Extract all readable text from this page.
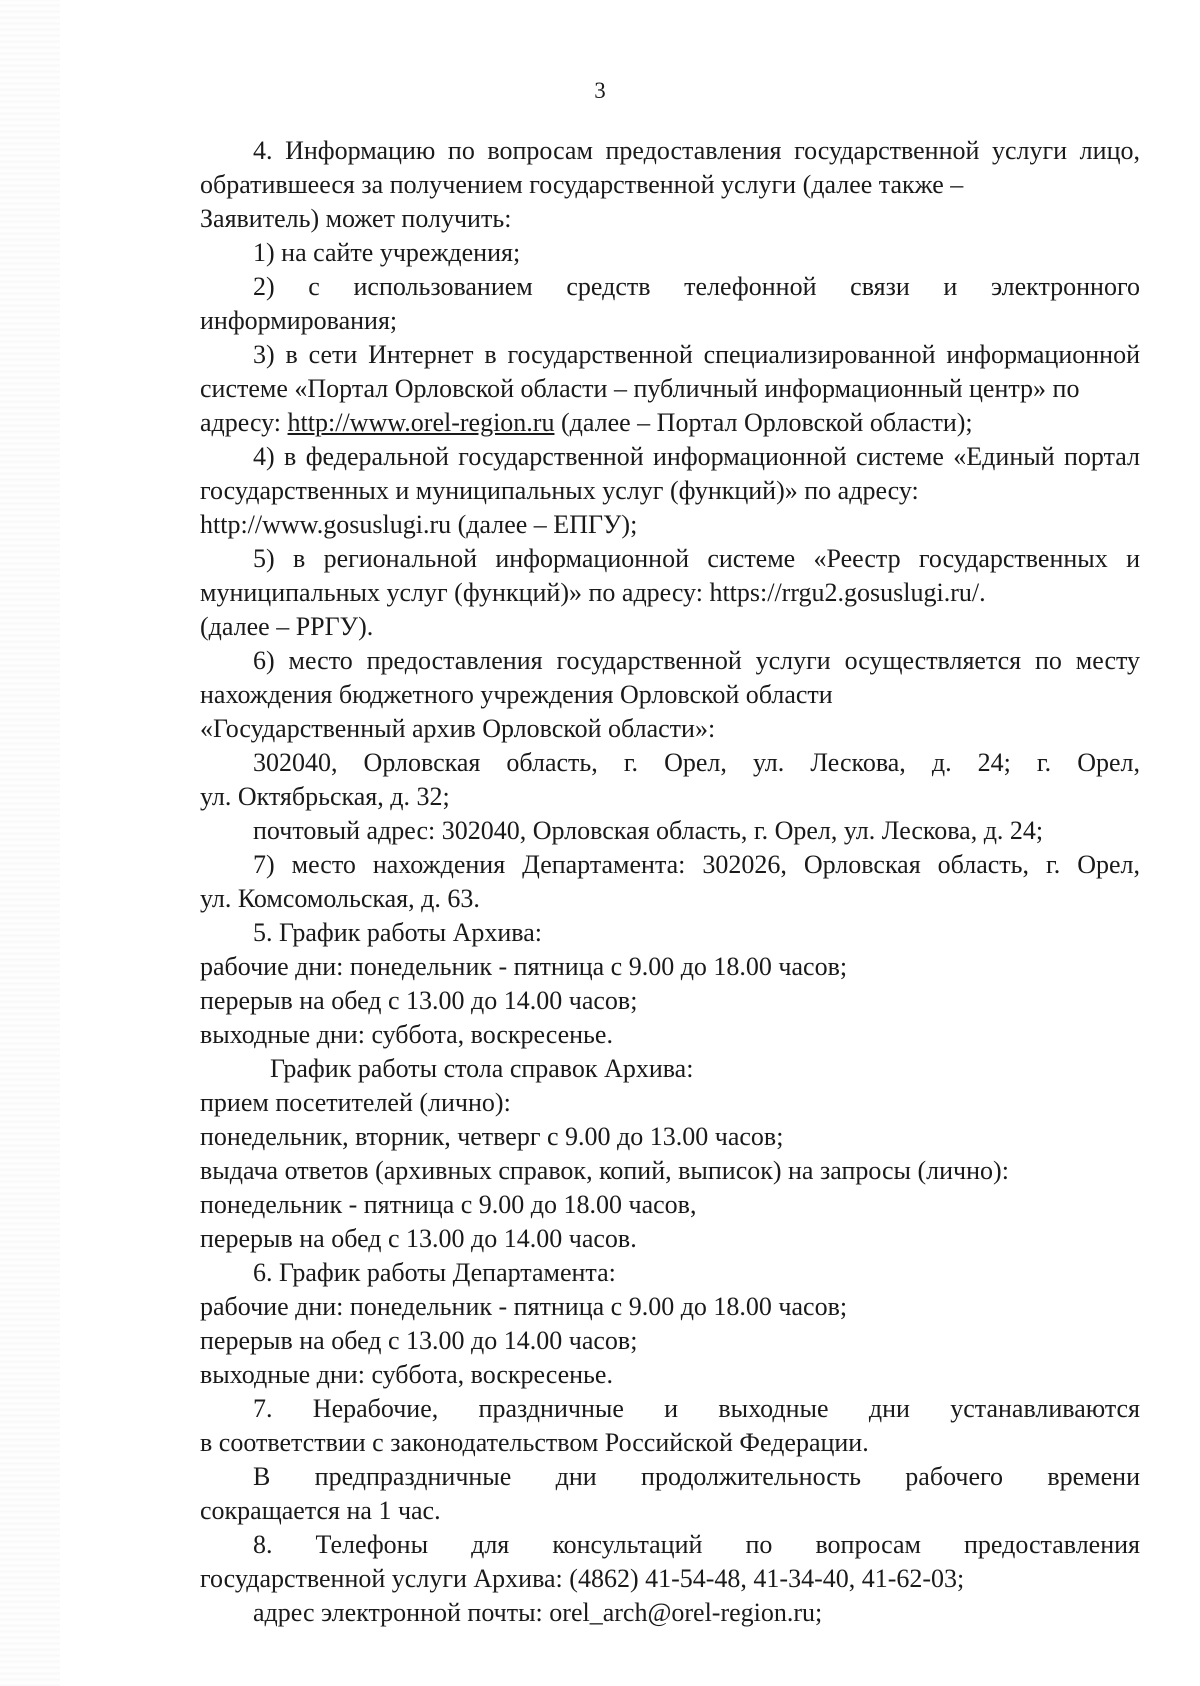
3

4. Информацию по вопросам предоставления государственной услуги лицо, обратившееся за получением государственной услуги (далее также –

Заявитель) может получить:

1) на сайте учреждения;

2) с использованием средств телефонной связи и электронного

информирования;

3) в сети Интернет в государственной специализированной информационной системе «Портал Орловской области – публичный информационный центр» по

адресу: http://www.orel-region.ru (далее – Портал Орловской области);

4) в федеральной государственной информационной системе «Единый портал государственных и муниципальных услуг (функций)» по адресу:

http://www.gosuslugi.ru (далее – ЕПГУ);

5) в региональной информационной системе «Реестр государственных и муниципальных услуг (функций)» по адресу: https://rrgu2.gosuslugi.ru/.

(далее – РРГУ).

6) место предоставления государственной услуги осуществляется по месту нахождения бюджетного учреждения Орловской области

«Государственный архив Орловской области»:

302040, Орловская область, г. Орел, ул. Лескова, д. 24; г. Орел,

ул. Октябрьская, д. 32;

почтовый адрес: 302040, Орловская область, г. Орел, ул. Лескова, д. 24;

7) место нахождения Департамента: 302026, Орловская область, г. Орел,

ул. Комсомольская, д. 63.

5. График работы Архива:

рабочие дни: понедельник - пятница с 9.00 до 18.00 часов;

перерыв на обед с 13.00 до 14.00 часов;

выходные дни: суббота, воскресенье.

График работы стола справок Архива:

прием посетителей (лично):

понедельник, вторник, четверг с 9.00 до 13.00 часов;

выдача ответов (архивных справок, копий, выписок) на запросы (лично):

понедельник - пятница с 9.00 до 18.00 часов,

перерыв на обед с 13.00 до 14.00 часов.

6. График работы Департамента:

рабочие дни: понедельник - пятница с 9.00 до 18.00 часов;

перерыв на обед с 13.00 до 14.00 часов;

выходные дни: суббота, воскресенье.

7. Нерабочие, праздничные и выходные дни устанавливаются

в соответствии с законодательством Российской Федерации.

В предпраздничные дни продолжительность рабочего времени

сокращается на 1 час.

8. Телефоны для консультаций по вопросам предоставления

государственной услуги Архива: (4862) 41-54-48, 41-34-40, 41-62-03;

адрес электронной почты: orel_arch@orel-region.ru;
